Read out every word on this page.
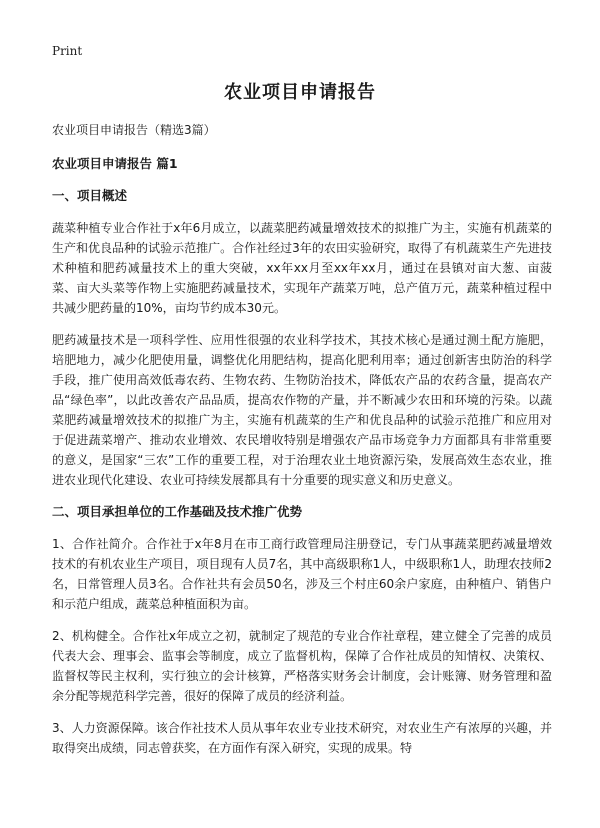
Print
农业项目申请报告

农业项目申请报告（精选3篇）

农业项目申请报告 篇1

一、项目概述

蔬菜种植专业合作社于x年6月成立，以蔬菜肥药减量增效技术的拟推广为主，实施有机蔬菜的生产和优良品种的试验示范推广。合作社经过3年的农田实验研究，取得了有机蔬菜生产先进技术种植和肥药减量技术上的重大突破，xx年xx月至xx年xx月，通过在县镇对亩大葱、亩菠菜、亩大头菜等作物上实施肥药减量技术，实现年产蔬菜万吨，总产值万元，蔬菜种植过程中共减少肥药量的10%，亩均节约成本30元。

肥药减量技术是一项科学性、应用性很强的农业科学技术，其技术核心是通过测土配方施肥，培肥地力，减少化肥使用量，调整优化用肥结构，提高化肥利用率；通过创新害虫防治的科学手段，推广使用高效低毒农药、生物农药、生物防治技术，降低农产品的农药含量，提高农产品“绿色率”，以此改善农产品品质，提高农作物的产量，并不断减少农田和环境的污染。以蔬菜肥药减量增效技术的拟推广为主，实施有机蔬菜的生产和优良品种的试验示范推广和应用对于促进蔬菜增产、推动农业增效、农民增收特别是增强农产品市场竞争力方面都具有非常重要的意义，是国家“三农”工作的重要工程，对于治理农业土地资源污染，发展高效生态农业，推进农业现代化建设、农业可持续发展都具有十分重要的现实意义和历史意义。

二、项目承担单位的工作基础及技术推广优势

1、合作社简介。合作社于x年8月在市工商行政管理局注册登记，专门从事蔬菜肥药减量增效技术的有机农业生产项目，项目现有人员7名，其中高级职称1人，中级职称1人，助理农技师2名，日常管理人员3名。合作社共有会员50名，涉及三个村庄60余户家庭，由种植户、销售户和示范户组成，蔬菜总种植面积为亩。

2、机构健全。合作社x年成立之初，就制定了规范的专业合作社章程，建立健全了完善的成员代表大会、理事会、监事会等制度，成立了监督机构，保障了合作社成员的知情权、决策权、监督权等民主权利，实行独立的会计核算，严格落实财务会计制度，会计账簿、财务管理和盈余分配等规范科学完善，很好的保障了成员的经济利益。

3、人力资源保障。该合作社技术人员从事年农业专业技术研究，对农业生产有浓厚的兴趣，并取得突出成绩，同志曾获奖，在方面作有深入研究，实现的成果。特
